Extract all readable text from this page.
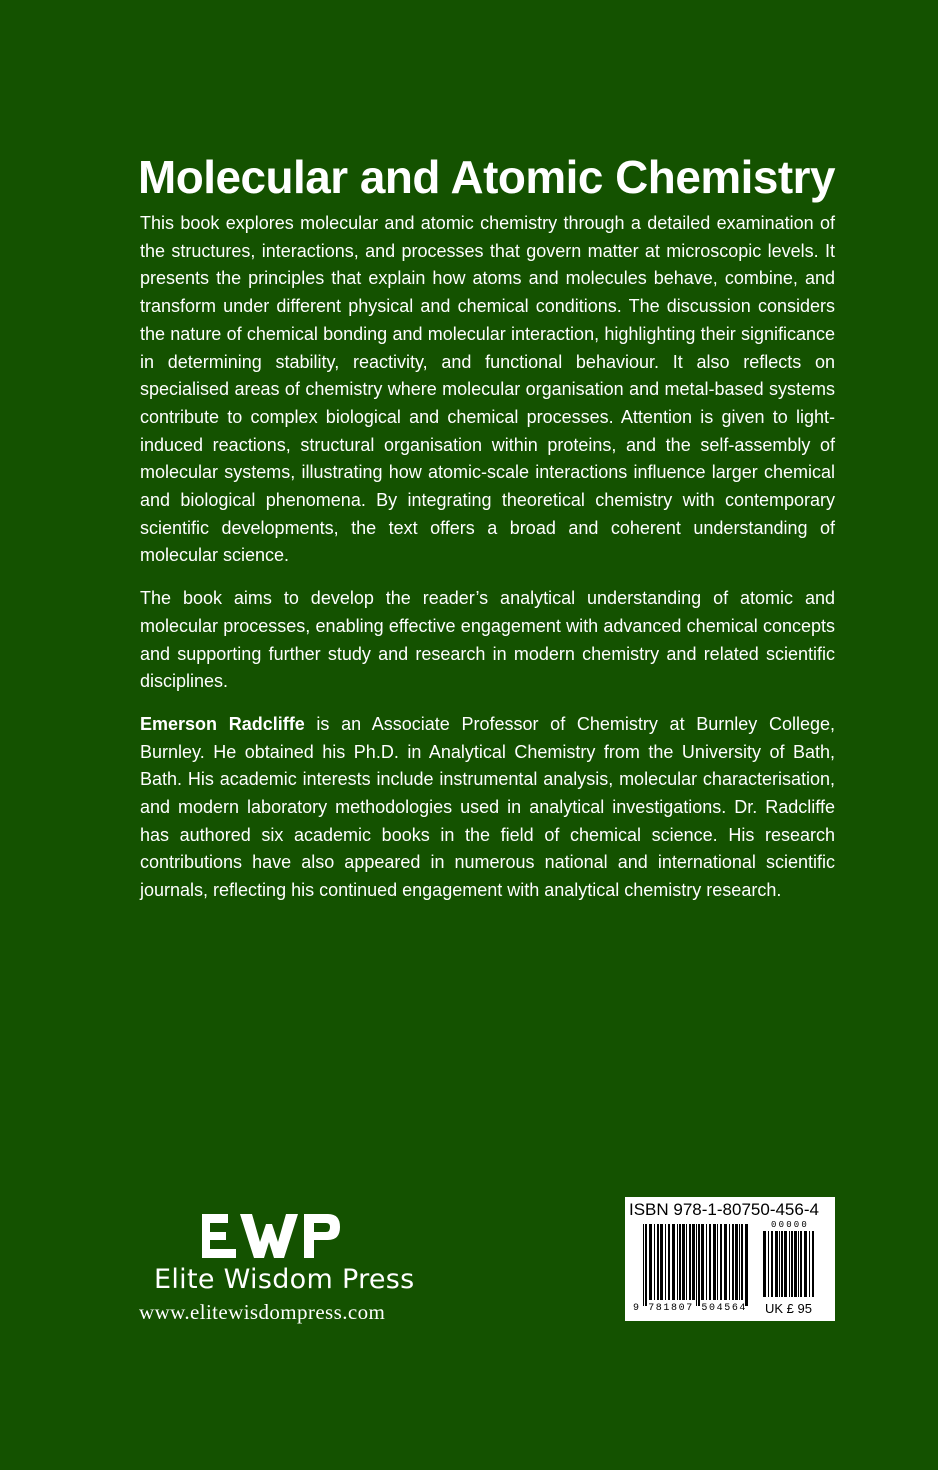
Molecular and Atomic Chemistry

This book explores molecular and atomic chemistry through a detailed examination of the structures, interactions, and processes that govern matter at microscopic levels. It presents the principles that explain how atoms and molecules behave, combine, and transform under different physical and chemical conditions. The discussion considers the nature of chemical bonding and molecular interaction, highlighting their significance in determining stability, reactivity, and functional behaviour. It also reflects on specialised areas of chemistry where molecular organisation and metal-based systems contribute to complex biological and chemical processes. Attention is given to light-induced reactions, structural organisation within proteins, and the self-assembly of molecular systems, illustrating how atomic-scale interactions influence larger chemical and biological phenomena. By integrating theoretical chemistry with contemporary scientific developments, the text offers a broad and coherent understanding of molecular science.

The book aims to develop the reader’s analytical understanding of atomic and molecular processes, enabling effective engagement with advanced chemical concepts and supporting further study and research in modern chemistry and related scientific disciplines.

Emerson Radcliffe is an Associate Professor of Chemistry at Burnley College, Burnley. He obtained his Ph.D. in Analytical Chemistry from the University of Bath, Bath. His academic interests include instrumental analysis, molecular characterisation, and modern laboratory methodologies used in analytical investigations. Dr. Radcliffe has authored six academic books in the field of chemical science. His research contributions have also appeared in numerous national and international scientific journals, reflecting his continued engagement with analytical chemistry research.

Elite Wisdom Press
www.elitewisdompress.com
ISBN 978-1-80750-456-4
00000
9 781807 504564 UK £ 95
